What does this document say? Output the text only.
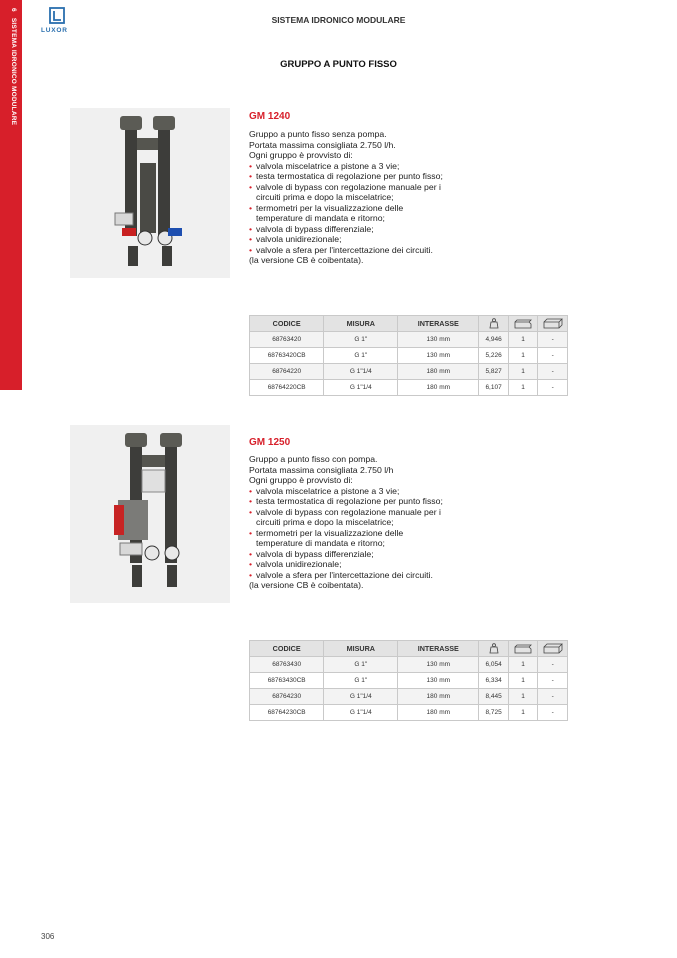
6 SISTEMA IDRONICO MODULARE	LUXOR
SISTEMA IDRONICO MODULARE
GRUPPO A PUNTO FISSO
GM 1240

Gruppo a punto fisso senza pompa.

Portata massima consigliata 2.750 l/h.

Ogni gruppo è provvisto di:

• valvola miscelatrice a pistone a 3 vie;
• testa termostatica di regolazione per punto fisso;
• valvole di bypass con regolazione manuale per i circuiti prima e dopo la miscelatrice;
• termometri per la visualizzazione delle temperature di mandata e ritorno;
• valvola di bypass differenziale;
• valvola unidirezionale;
• valvole a sfera per l'intercettazione dei circuiti.

(la versione CB è coibentata).

CODICE	MISURA	INTERASSE	

68763420	G 1"	130 mm	4,946	1	-
68763420CB	G 1"	130 mm	5,226	1	-
68764220	G 1"1/4	180 mm	5,827	1	-
68764220CB	G 1"1/4	180 mm	6,107	1	-
GM 1250

Gruppo a punto fisso con pompa.

Portata massima consigliata 2.750 l/h

Ogni gruppo è provvisto di:

• valvola miscelatrice a pistone a 3 vie;
• testa termostatica di regolazione per punto fisso;
• valvole di bypass con regolazione manuale per i circuiti prima e dopo la miscelatrice;
• termometri per la visualizzazione delle temperature di mandata e ritorno;
• valvola di bypass differenziale;
• valvola unidirezionale;
• valvole a sfera per l'intercettazione dei circuiti.

(la versione CB è coibentata).

CODICE	MISURA	INTERASSE	

68763430	G 1"	130 mm	6,054	1	-
68763430CB	G 1"	130 mm	6,334	1	-
68764230	G 1"1/4	180 mm	8,445	1	-
68764230CB	G 1"1/4	180 mm	8,725	1	-
306
